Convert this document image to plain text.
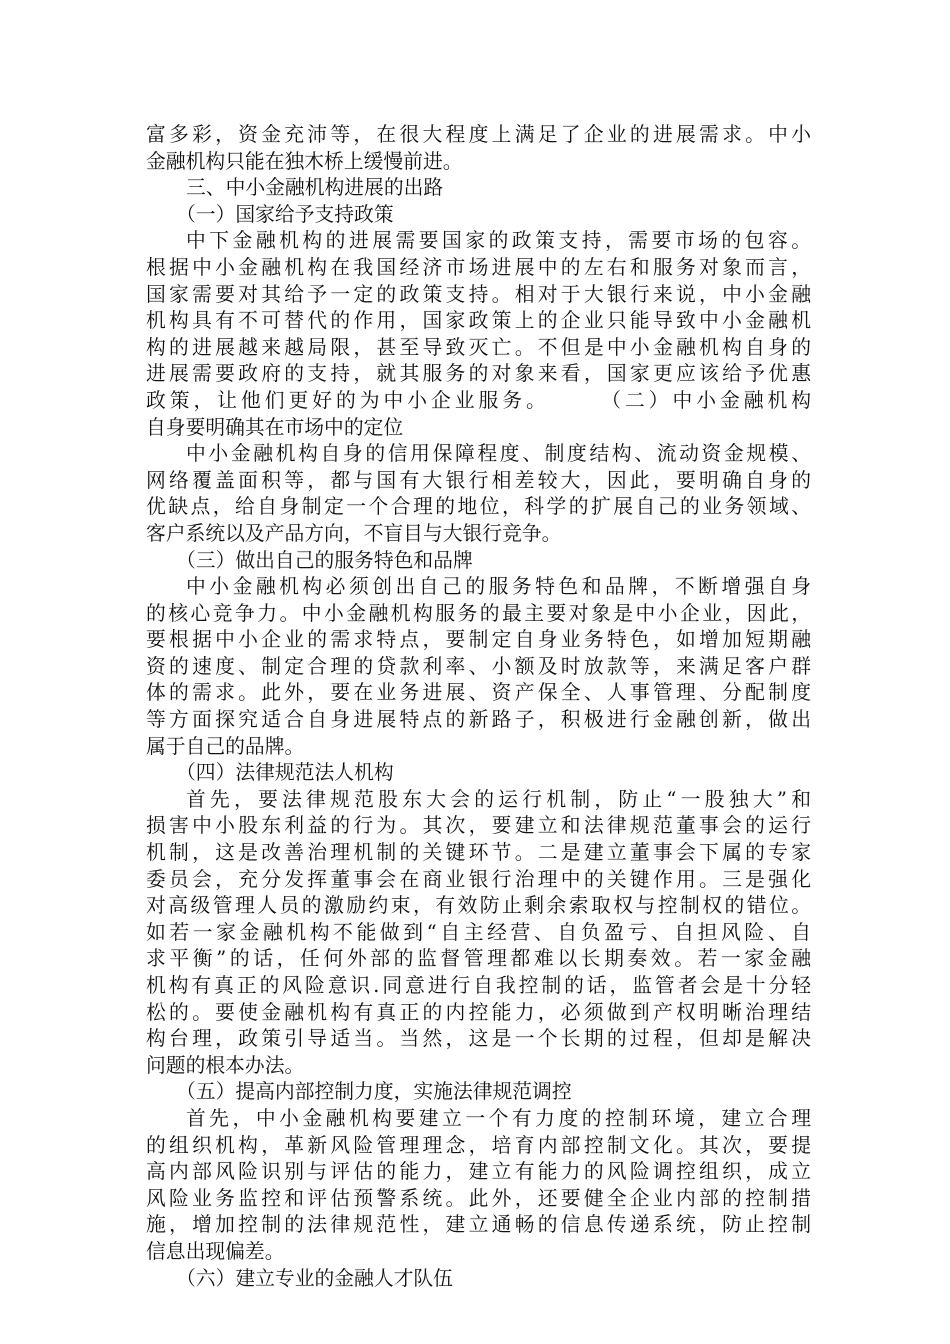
富多彩，资金充沛等，在很大程度上满足了企业的进展需求。中小
金融机构只能在独木桥上缓慢前进。
三、中小金融机构进展的出路
（一）国家给予支持政策
中下金融机构的进展需要国家的政策支持，需要市场的包容。
根据中小金融机构在我国经济市场进展中的左右和服务对象而言，
国家需要对其给予一定的政策支持。相对于大银行来说，中小金融
机构具有不可替代的作用，国家政策上的企业只能导致中小金融机
构的进展越来越局限，甚至导致灭亡。不但是中小金融机构自身的
进展需要政府的支持，就其服务的对象来看，国家更应该给予优惠
政策，让他们更好的为中小企业服务。　　　（二）中小金融机构
自身要明确其在市场中的定位
中小金融机构自身的信用保障程度、制度结构、流动资金规模、
网络覆盖面积等，都与国有大银行相差较大，因此，要明确自身的
优缺点，给自身制定一个合理的地位，科学的扩展自己的业务领域、
客户系统以及产品方向，不盲目与大银行竞争。
（三）做出自己的服务特色和品牌
中小金融机构必须创出自己的服务特色和品牌，不断增强自身
的核心竞争力。中小金融机构服务的最主要对象是中小企业，因此，
要根据中小企业的需求特点，要制定自身业务特色，如增加短期融
资的速度、制定合理的贷款利率、小额及时放款等，来满足客户群
体的需求。此外，要在业务进展、资产保全、人事管理、分配制度
等方面探究适合自身进展特点的新路子，积极进行金融创新，做出
属于自己的品牌。
（四）法律规范法人机构
首先，要法律规范股东大会的运行机制，防止“一股独大”和
损害中小股东利益的行为。其次，要建立和法律规范董事会的运行
机制，这是改善治理机制的关键环节。二是建立董事会下属的专家
委员会，充分发挥董事会在商业银行治理中的关键作用。三是强化
对高级管理人员的激励约束，有效防止剩余索取权与控制权的错位。
如若一家金融机构不能做到“自主经营、自负盈亏、自担风险、自
求平衡”的话，任何外部的监督管理都难以长期奏效。若一家金融
机构有真正的风险意识.同意进行自我控制的话，监管者会是十分轻
松的。要使金融机构有真正的内控能力，必须做到产权明晰治理结
构台理，政策引导适当。当然，这是一个长期的过程，但却是解决
问题的根本办法。
（五）提高内部控制力度，实施法律规范调控
首先，中小金融机构要建立一个有力度的控制环境，建立合理
的组织机构，革新风险管理理念，培育内部控制文化。其次，要提
高内部风险识别与评估的能力，建立有能力的风险调控组织，成立
风险业务监控和评估预警系统。此外，还要健全企业内部的控制措
施，增加控制的法律规范性，建立通畅的信息传递系统，防止控制
信息出现偏差。
（六）建立专业的金融人才队伍
